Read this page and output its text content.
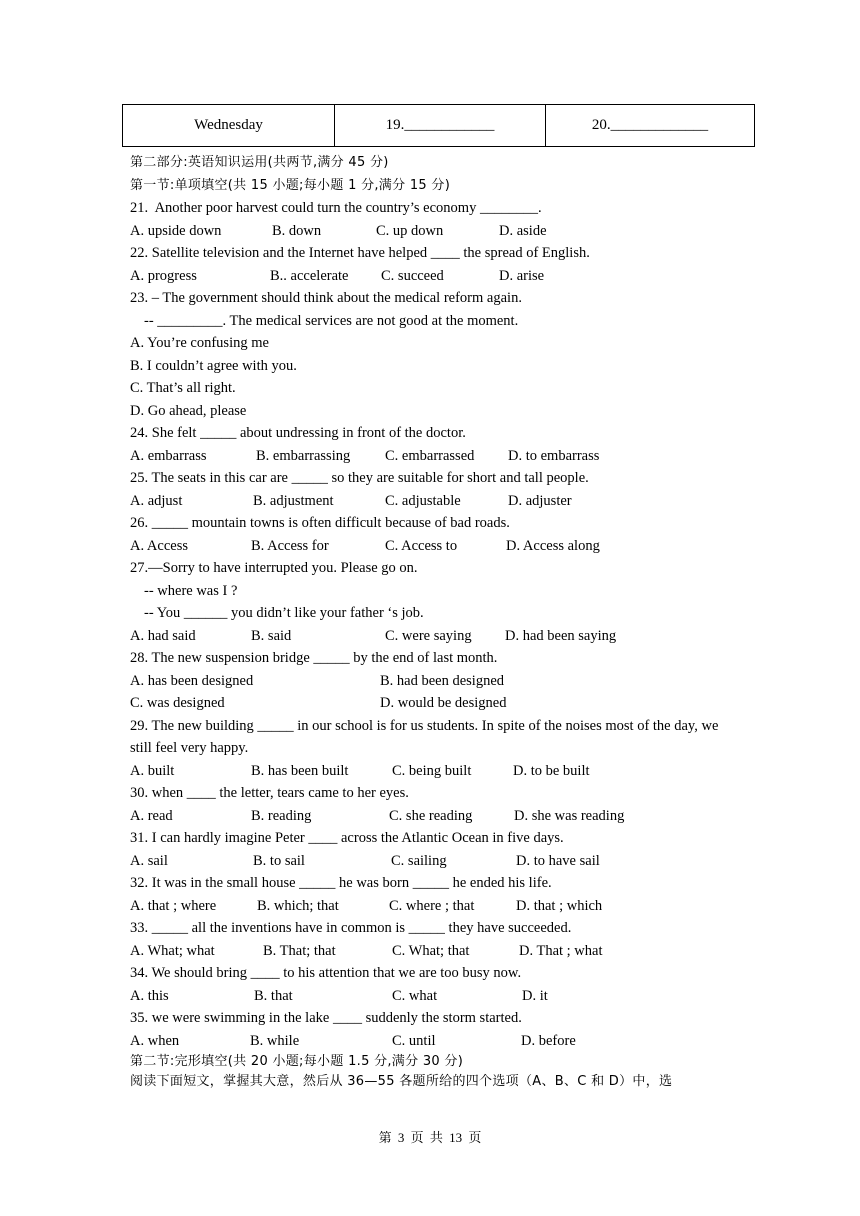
Wednesday	19.____________	20._____________
第二部分:英语知识运用(共两节,满分 45 分)
第一节:单项填空(共 15 小题;每小题 1 分,满分 15 分)
21.  Another poor harvest could turn the country’s economy ________.
A. upside down	B. down	C. up down	D. aside
22. Satellite television and the Internet have helped ____ the spread of English.
A. progress	B.. accelerate C. succeed	D. arise
23. – The government should think about the medical reform again.
-- _________. The medical services are not good at the moment.
A. You’re confusing me
B. I couldn’t agree with you.
C. That’s all right.
D. Go ahead, please
24. She felt _____ about undressing in front of the doctor.
A. embarrass	B. embarrassing C. embarrassed D. to embarrass
25. The seats in this car are _____ so they are suitable for short and tall people.
A. adjust	B. adjustment	C. adjustable	D. adjuster
26. _____ mountain towns is often difficult because of bad roads.
A. Access	B. Access for	C. Access to	D. Access along
27.—Sorry to have interrupted you. Please go on.
-- where was I ?
-- You ______ you didn’t like your father ‘s job.
A. had said	B. said	C. were saying D. had been saying
28. The new suspension bridge _____ by the end of last month.
A. has been designed	B. had been designed
C. was designed	D. would be designed
29. The new building _____ in our school is for us students. In spite of the noises most of the day, we still feel very happy.
A. built	B. has been built	C. being built	D. to be built
30. when ____ the letter, tears came to her eyes.
A. read	B. reading	C. she reading	D. she was reading
31. I can hardly imagine Peter ____ across the Atlantic Ocean in five days.
A. sail	B. to sail	C. sailing	D. to have sail
32. It was in the small house _____ he was born _____ he ended his life.
A. that ; where	B. which; that	C. where ; that	D. that ; which
33. _____ all the inventions have in common is _____ they have succeeded.
A. What; what	B. That; that	C. What; that	D. That ; what
34. We should bring ____ to his attention that we are too busy now.
A. this	B. that	C. what	D. it
35. we were swimming in the lake ____ suddenly the storm started.
A. when	B. while	C. until	D. before
第二节:完形填空(共 20 小题;每小题 1.5 分,满分 30 分)
阅读下面短文，掌握其大意，然后从 36—55 各题所给的四个选项（A、B、C 和 D）中，选
第 3 页 共 13 页
